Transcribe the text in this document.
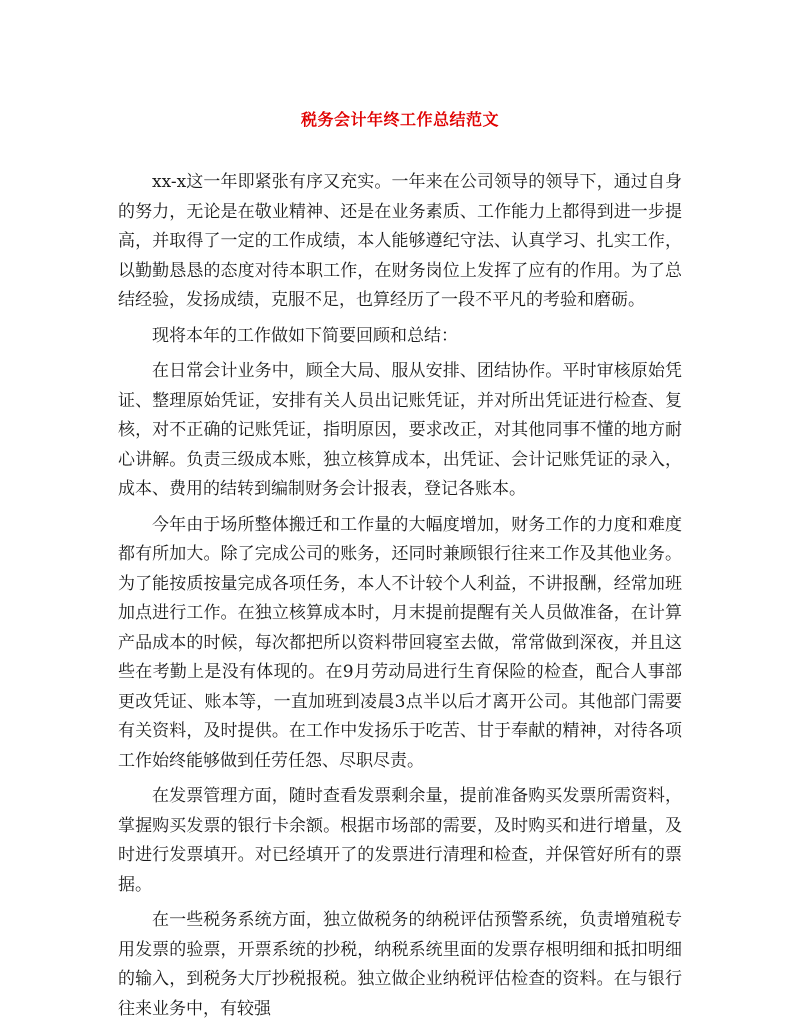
税务会计年终工作总结范文

xx-x这一年即紧张有序又充实。一年来在公司领导的领导下，通过自身的努力，无论是在敬业精神、还是在业务素质、工作能力上都得到进一步提高，并取得了一定的工作成绩，本人能够遵纪守法、认真学习、扎实工作，以勤勤恳恳的态度对待本职工作，在财务岗位上发挥了应有的作用。为了总结经验，发扬成绩，克服不足，也算经历了一段不平凡的考验和磨砺。

现将本年的工作做如下简要回顾和总结：

在日常会计业务中，顾全大局、服从安排、团结协作。平时审核原始凭证、整理原始凭证，安排有关人员出记账凭证，并对所出凭证进行检查、复核，对不正确的记账凭证，指明原因，要求改正，对其他同事不懂的地方耐心讲解。负责三级成本账，独立核算成本，出凭证、会计记账凭证的录入，成本、费用的结转到编制财务会计报表，登记各账本。

今年由于场所整体搬迁和工作量的大幅度增加，财务工作的力度和难度都有所加大。除了完成公司的账务，还同时兼顾银行往来工作及其他业务。为了能按质按量完成各项任务，本人不计较个人利益，不讲报酬，经常加班加点进行工作。在独立核算成本时，月末提前提醒有关人员做准备，在计算产品成本的时候，每次都把所以资料带回寝室去做，常常做到深夜，并且这些在考勤上是没有体现的。在9月劳动局进行生育保险的检查，配合人事部更改凭证、账本等，一直加班到凌晨3点半以后才离开公司。其他部门需要有关资料，及时提供。在工作中发扬乐于吃苦、甘于奉献的精神，对待各项工作始终能够做到任劳任怨、尽职尽责。

在发票管理方面，随时查看发票剩余量，提前准备购买发票所需资料，掌握购买发票的银行卡余额。根据市场部的需要，及时购买和进行增量，及时进行发票填开。对已经填开了的发票进行清理和检查，并保管好所有的票据。

在一些税务系统方面，独立做税务的纳税评估预警系统，负责增殖税专用发票的验票，开票系统的抄税，纳税系统里面的发票存根明细和抵扣明细的输入，到税务大厅抄税报税。独立做企业纳税评估检查的资料。在与银行往来业务中，有较强
